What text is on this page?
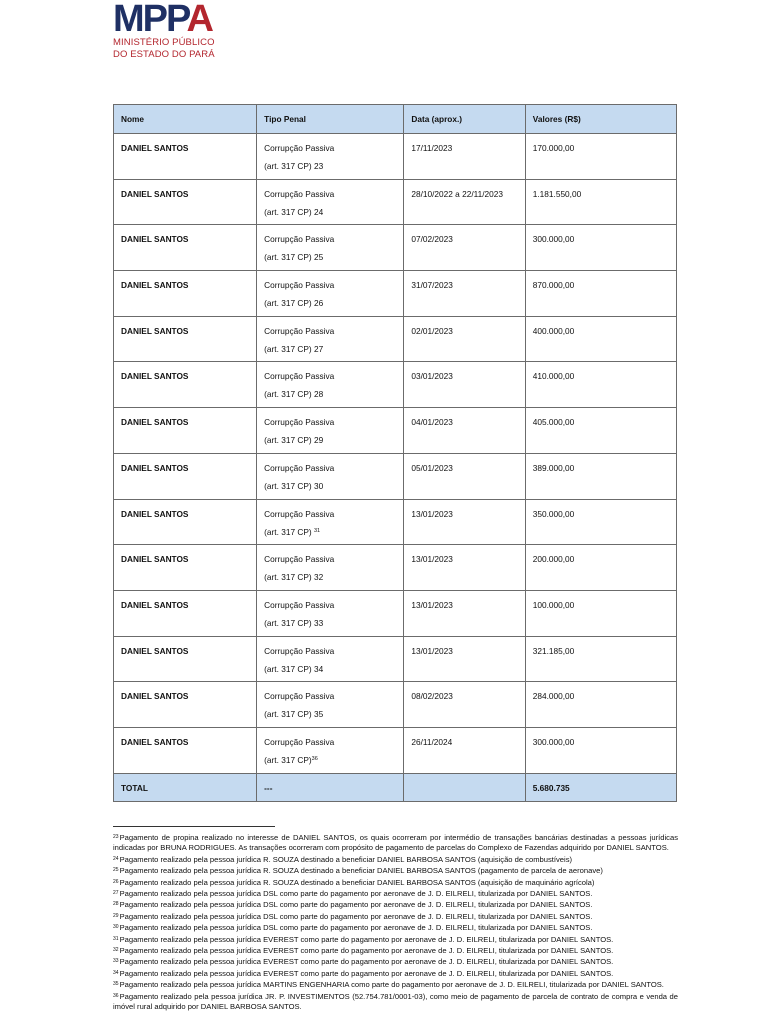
MPPA
MINISTÉRIO PÚBLICO
DO ESTADO DO PARÁ
Nome	Tipo Penal	Data (aprox.)	Valores (R$)
DANIEL SANTOS	Corrupção Passiva
(art. 317 CP) 23	17/11/2023	170.000,00
DANIEL SANTOS	Corrupção Passiva
(art. 317 CP) 24	28/10/2022 a 22/11/2023	1.181.550,00
DANIEL SANTOS	Corrupção Passiva
(art. 317 CP) 25	07/02/2023	300.000,00
DANIEL SANTOS	Corrupção Passiva
(art. 317 CP) 26	31/07/2023	870.000,00
DANIEL SANTOS	Corrupção Passiva
(art. 317 CP) 27	02/01/2023	400.000,00
DANIEL SANTOS	Corrupção Passiva
(art. 317 CP) 28	03/01/2023	410.000,00
DANIEL SANTOS	Corrupção Passiva
(art. 317 CP) 29	04/01/2023	405.000,00
DANIEL SANTOS	Corrupção Passiva
(art. 317 CP) 30	05/01/2023	389.000,00
DANIEL SANTOS	Corrupção Passiva
(art. 317 CP) $^{31}$	13/01/2023	350.000,00
DANIEL SANTOS	Corrupção Passiva
(art. 317 CP) 32	13/01/2023	200.000,00
DANIEL SANTOS	Corrupção Passiva
(art. 317 CP) 33	13/01/2023	100.000,00
DANIEL SANTOS	Corrupção Passiva
(art. 317 CP) 34	13/01/2023	321.185,00
DANIEL SANTOS	Corrupção Passiva
(art. 317 CP) 35	08/02/2023	284.000,00
DANIEL SANTOS	Corrupção Passiva
(art. 317 CP)$^{36}$	26/11/2024	300.000,00
TOTAL	---		5.680.735

$^{23}$Pagamento de propina realizado no interesse de DANIEL SANTOS, os quais ocorreram por intermédio de transações bancárias destinadas a pessoas jurídicas indicadas por BRUNA RODRIGUES. As transações ocorreram com propósito de pagamento de parcelas do Complexo de Fazendas adquirido por DANIEL SANTOS.

$^{24}$Pagamento realizado pela pessoa jurídica R. SOUZA destinado a beneficiar DANIEL BARBOSA SANTOS (aquisição de combustíveis)

$^{25}$Pagamento realizado pela pessoa jurídica R. SOUZA destinado a beneficiar DANIEL BARBOSA SANTOS (pagamento de parcela de aeronave)

$^{26}$Pagamento realizado pela pessoa jurídica R. SOUZA destinado a beneficiar DANIEL BARBOSA SANTOS (aquisição de maquinário agrícola)

$^{27}$Pagamento realizado pela pessoa jurídica DSL como parte do pagamento por aeronave de J. D. EILRELI, titularizada por DANIEL SANTOS.

$^{28}$Pagamento realizado pela pessoa jurídica DSL como parte do pagamento por aeronave de J. D. EILRELI, titularizada por DANIEL SANTOS.

$^{29}$Pagamento realizado pela pessoa jurídica DSL como parte do pagamento por aeronave de J. D. EILRELI, titularizada por DANIEL SANTOS.

$^{30}$Pagamento realizado pela pessoa jurídica DSL como parte do pagamento por aeronave de J. D. EILRELI, titularizada por DANIEL SANTOS.

$^{31}$Pagamento realizado pela pessoa jurídica EVEREST como parte do pagamento por aeronave de J. D. EILRELI, titularizada por DANIEL SANTOS.

$^{32}$Pagamento realizado pela pessoa jurídica EVEREST como parte do pagamento por aeronave de J. D. EILRELI, titularizada por DANIEL SANTOS.

$^{33}$Pagamento realizado pela pessoa jurídica EVEREST como parte do pagamento por aeronave de J. D. EILRELI, titularizada por DANIEL SANTOS.

$^{34}$Pagamento realizado pela pessoa jurídica EVEREST como parte do pagamento por aeronave de J. D. EILRELI, titularizada por DANIEL SANTOS.

$^{35}$Pagamento realizado pela pessoa jurídica MARTINS ENGENHARIA como parte do pagamento por aeronave de J. D. EILRELI, titularizada por DANIEL SANTOS.

$^{36}$Pagamento realizado pela pessoa jurídica JR. P. INVESTIMENTOS (52.754.781/0001-03), como meio de pagamento de parcela de contrato de compra e venda de imóvel rural adquirido por DANIEL BARBOSA SANTOS.
